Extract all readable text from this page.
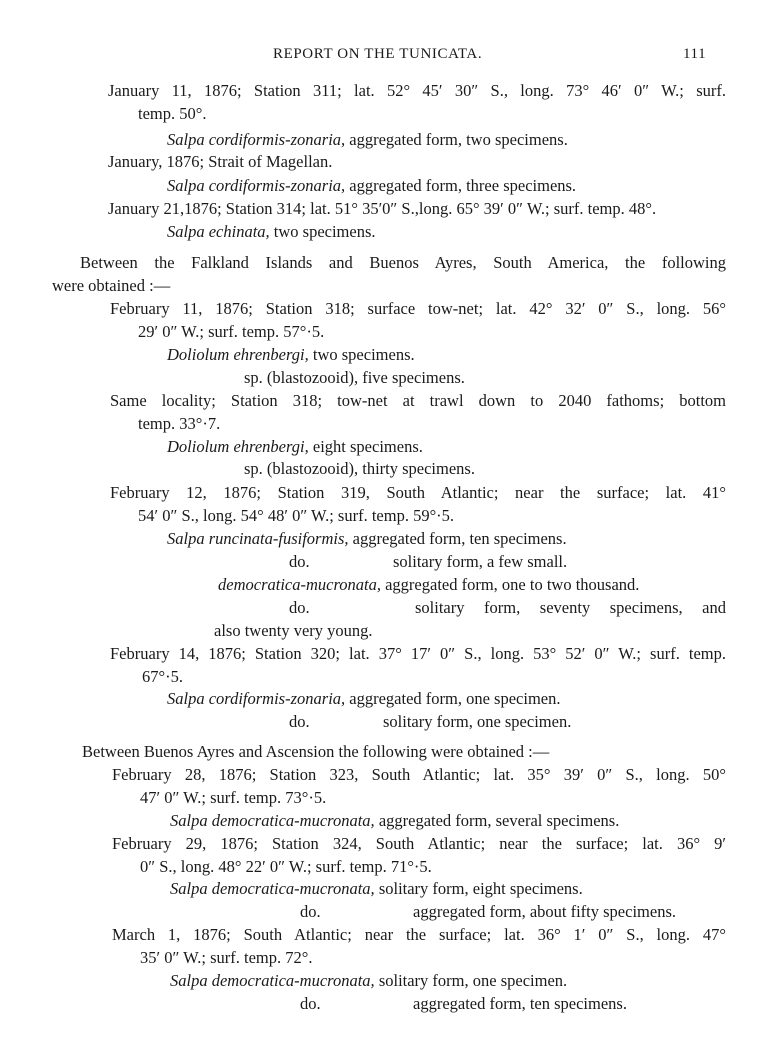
REPORT ON THE TUNICATA.	111
January 11, 1876; Station 311; lat. 52° 45′ 30″ S., long. 73° 46′ 0″ W.; surf.
temp. 50°.
Salpa cordiformis-zonaria, aggregated form, two specimens.
January, 1876; Strait of Magellan.
Salpa cordiformis-zonaria, aggregated form, three specimens.
January 21,1876; Station 314; lat. 51° 35′0″ S.,long. 65° 39′ 0″ W.; surf. temp. 48°.
Salpa echinata, two specimens.
Between the Falkland Islands and Buenos Ayres, South America, the following
were obtained :—
February 11, 1876; Station 318; surface tow-net; lat. 42° 32′ 0″ S., long. 56°
29′ 0″ W.; surf. temp. 57°·5.
Doliolum ehrenbergi, two specimens.
sp. (blastozooid), five specimens.
Same locality; Station 318; tow-net at trawl down to 2040 fathoms; bottom
temp. 33°·7.
Doliolum ehrenbergi, eight specimens.
sp. (blastozooid), thirty specimens.
February 12, 1876; Station 319, South Atlantic; near the surface; lat. 41°
54′ 0″ S., long. 54° 48′ 0″ W.; surf. temp. 59°·5.
Salpa runcinata-fusiformis, aggregated form, ten specimens.
do.	solitary form, a few small.
democratica-mucronata, aggregated form, one to two thousand.
do.	solitary form, seventy specimens, and
also twenty very young.
February 14, 1876; Station 320; lat. 37° 17′ 0″ S., long. 53° 52′ 0″ W.; surf. temp.
67°·5.
Salpa cordiformis-zonaria, aggregated form, one specimen.
do.	solitary form, one specimen.
Between Buenos Ayres and Ascension the following were obtained :—
February 28, 1876; Station 323, South Atlantic; lat. 35° 39′ 0″ S., long. 50°
47′ 0″ W.; surf. temp. 73°·5.
Salpa democratica-mucronata, aggregated form, several specimens.
February 29, 1876; Station 324, South Atlantic; near the surface; lat. 36° 9′
0″ S., long. 48° 22′ 0″ W.; surf. temp. 71°·5.
Salpa democratica-mucronata, solitary form, eight specimens.
do.	aggregated form, about fifty specimens.
March 1, 1876; South Atlantic; near the surface; lat. 36° 1′ 0″ S., long. 47°
35′ 0″ W.; surf. temp. 72°.
Salpa democratica-mucronata, solitary form, one specimen.
do.	aggregated form, ten specimens.
